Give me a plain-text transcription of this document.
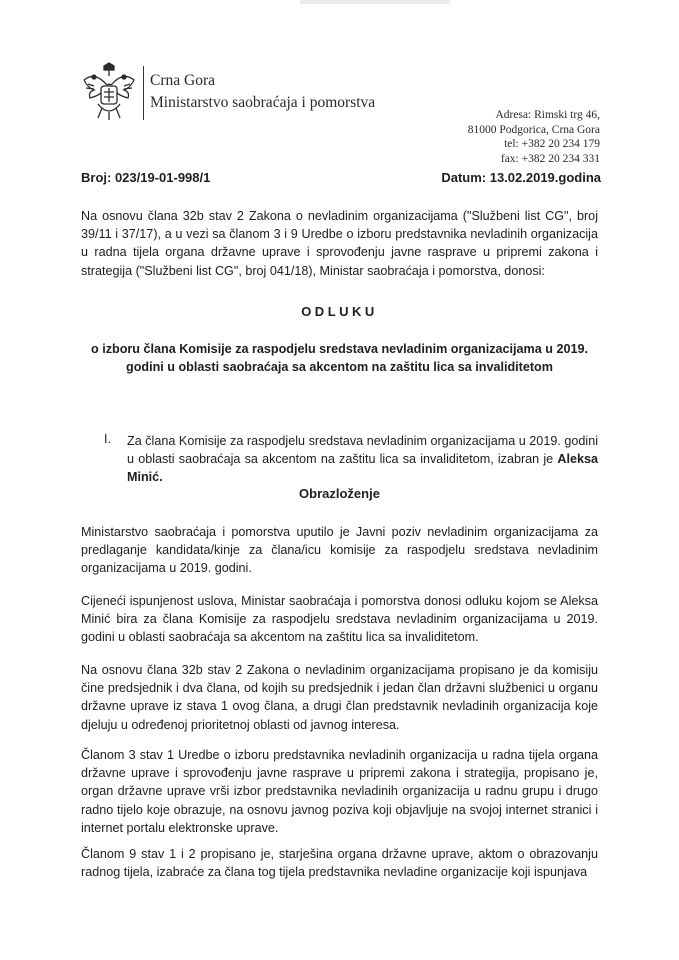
Crna Gora
Ministarstvo saobraćaja i pomorstva
Adresa: Rimski trg 46,
81000 Podgorica, Crna Gora
tel: +382 20 234 179
fax: +382 20 234 331
Broj: 023/19-01-998/1	Datum: 13.02.2019.godina
Na osnovu člana 32b stav 2 Zakona o nevladinim organizacijama ("Službeni list CG", broj 39/11 i 37/17), a u vezi sa članom 3 i 9 Uredbe o izboru predstavnika nevladinih organizacija u radna tijela organa državne uprave i sprovođenju javne rasprave u pripremi zakona i strategija ("Službeni list CG", broj 041/18), Ministar saobraćaja i pomorstva, donosi:
ODLUKU
o izboru člana Komisije za raspodjelu sredstava nevladinim organizacijama u 2019. godini u oblasti saobraćaja sa akcentom na zaštitu lica sa invaliditetom
I. Za člana Komisije za raspodjelu sredstava nevladinim organizacijama u 2019. godini u oblasti saobraćaja sa akcentom na zaštitu lica sa invaliditetom, izabran je Aleksa Minić.
Obrazloženje
Ministarstvo saobraćaja i pomorstva uputilo je Javni poziv nevladinim organizacijama za predlaganje kandidata/kinje za člana/icu komisije za raspodjelu sredstava nevladinim organizacijama u 2019. godini.
Cijeneći ispunjenost uslova, Ministar saobraćaja i pomorstva donosi odluku kojom se Aleksa Minić bira za člana Komisije za raspodjelu sredstava nevladinim organizacijama u 2019. godini u oblasti saobraćaja sa akcentom na zaštitu lica sa invaliditetom.
Na osnovu člana 32b stav 2 Zakona o nevladinim organizacijama propisano je da komisiju čine predsjednik i dva člana, od kojih su predsjednik i jedan član državni službenici u organu državne uprave iz stava 1 ovog člana, a drugi član predstavnik nevladinih organizacija koje djeluju u određenoj prioritetnoj oblasti od javnog interesa.
Članom 3 stav 1 Uredbe o izboru predstavnika nevladinih organizacija u radna tijela organa državne uprave i sprovođenju javne rasprave u pripremi zakona i strategija, propisano je, organ državne uprave vrši izbor predstavnika nevladinih organizacija u radnu grupu i drugo radno tijelo koje obrazuje, na osnovu javnog poziva koji objavljuje na svojoj internet stranici i internet portalu elektronske uprave.
Članom 9 stav 1 i 2 propisano je, starješina organa državne uprave, aktom o obrazovanju radnog tijela, izabraće za člana tog tijela predstavnika nevladine organizacije koji ispunjava
